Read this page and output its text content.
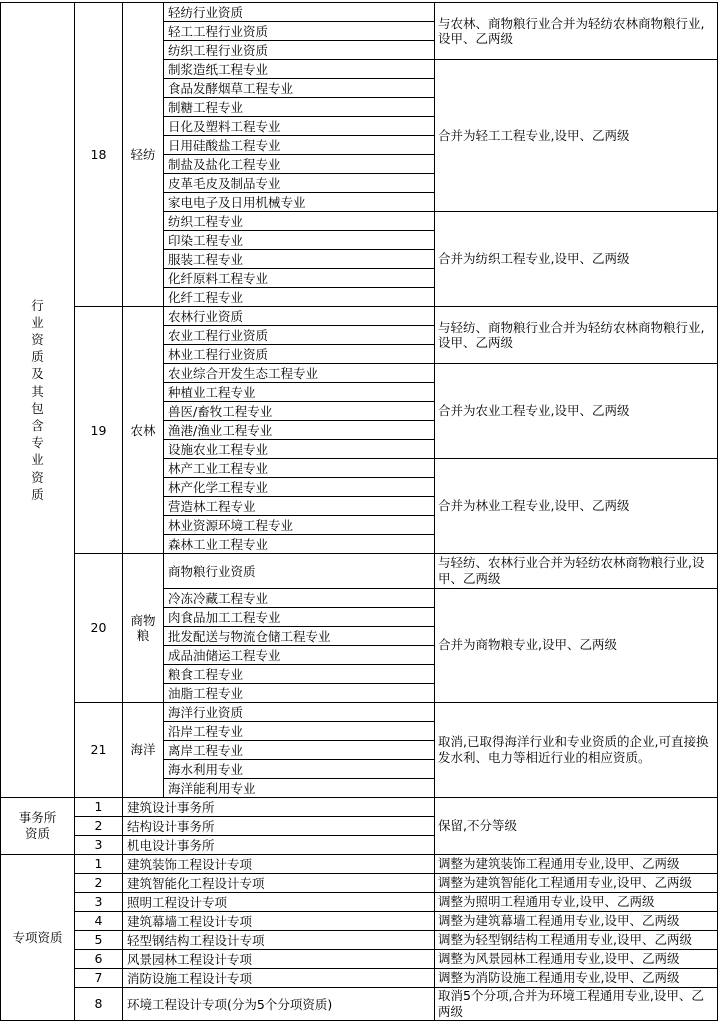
行业资质及其包含专业资质	18	轻纺	轻纺行业资质	与农林、商物粮行业合并为轻纺农林商物粮行业,设甲、乙两级
			轻工工程行业资质	
			纺织工程行业资质	
			制浆造纸工程专业	合并为轻工工程专业,设甲、乙两级
			食品发酵烟草工程专业	
			制糖工程专业	
			日化及塑料工程专业	
			日用硅酸盐工程专业	
			制盐及盐化工程专业	
			皮革毛皮及制品专业	
			家电电子及日用机械专业	
			纺织工程专业	合并为纺织工程专业,设甲、乙两级
			印染工程专业	
			服装工程专业	
			化纤原料工程专业	
			化纤工程专业	
	19	农林	农林行业资质	与轻纺、商物粮行业合并为轻纺农林商物粮行业,设甲、乙两级
			农业工程行业资质	
			林业工程行业资质	
			农业综合开发生态工程专业	合并为农业工程专业,设甲、乙两级
			种植业工程专业	
			兽医/畜牧工程专业	
			渔港/渔业工程专业	
			设施农业工程专业	
			林产工业工程专业	合并为林业工程专业,设甲、乙两级
			林产化学工程专业	
			营造林工程专业	
			林业资源环境工程专业	
			森林工业工程专业	
	20	商物粮	商物粮行业资质	与轻纺、农林行业合并为轻纺农林商物粮行业,设甲、乙两级
			冷冻冷藏工程专业	合并为商物粮专业,设甲、乙两级
			肉食品加工工程专业	
			批发配送与物流仓储工程专业	
			成品油储运工程专业	
			粮食工程专业	
			油脂工程专业	
	21	海洋	海洋行业资质	取消,已取得海洋行业和专业资质的企业,可直接换发水利、电力等相近行业的相应资质。
			沿岸工程专业	
			离岸工程专业	
			海水利用专业	
			海洋能利用专业	

事务所资质	1	建筑设计事务所		保留,不分等级
	2	结构设计事务所		
	3	机电设计事务所		
专项资质	1	建筑装饰工程设计专项		调整为建筑装饰工程通用专业,设甲、乙两级
	2	建筑智能化工程设计专项		调整为建筑智能化工程通用专业,设甲、乙两级
	3	照明工程设计专项		调整为照明工程通用专业,设甲、乙两级
	4	建筑幕墙工程设计专项		调整为建筑幕墙工程通用专业,设甲、乙两级
	5	轻型钢结构工程设计专项		调整为轻型钢结构工程通用专业,设甲、乙两级
	6	风景园林工程设计专项		调整为风景园林工程通用专业,设甲、乙两级
	7	消防设施工程设计专项		调整为消防设施工程通用专业,设甲、乙两级
	8	环境工程设计专项(分为5个分项资质)		取消5个分项,合并为环境工程通用专业,设甲、乙两级
